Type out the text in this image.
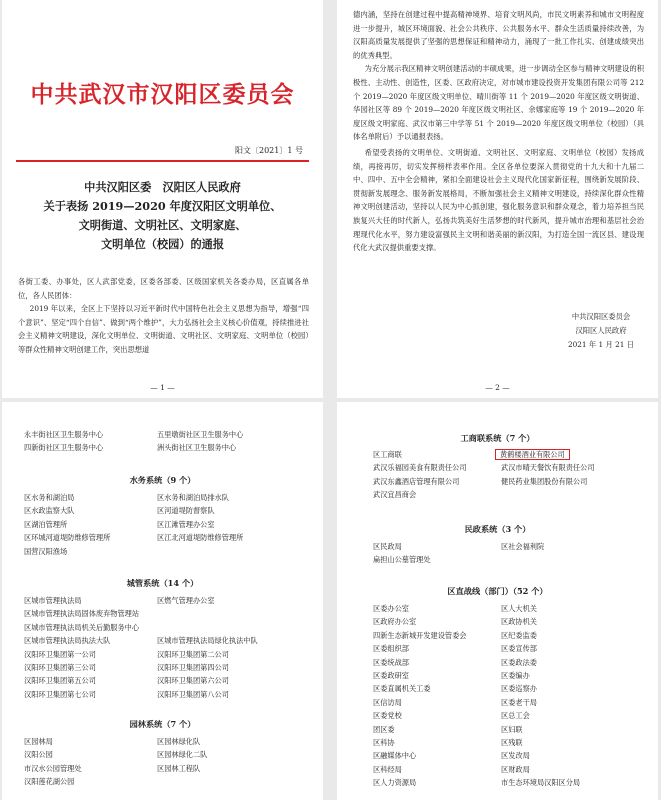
中共武汉市汉阳区委员会
阳文〔2021〕1 号
中共汉阳区委　汉阳区人民政府
关于表扬 2019—2020 年度汉阳区文明单位、
文明街道、文明社区、文明家庭、
文明单位（校园）的通报

各街工委、办事处，区人武部党委，区委各部委、区级国家机关各委办局，区直属各单位，各人民团体：

2019 年以来，全区上下坚持以习近平新时代中国特色社会主义思想为指导，增强“四个意识”、坚定“四个自信”、做到“两个维护”，大力弘扬社会主义核心价值观，持续推进社会主义精神文明建设，深化文明单位、文明街道、文明社区、文明家庭、文明单位（校园）等群众性精神文明创建工作，突出思想道

— 1 —

德内涵，坚持在创建过程中提高精神境界、培育文明风尚，市民文明素养和城市文明程度进一步提升，城区环境面貌、社会公共秩序、公共服务水平、群众生活质量持续改善，为汉阳高质量发展提供了坚强的思想保证和精神动力，涌现了一批工作扎实、创建成绩突出的优秀典型。

为充分展示我区精神文明创建活动的丰硕成果，进一步调动全区参与精神文明建设的积极性、主动性、创造性，区委、区政府决定，对市城市建设投资开发集团有限公司等 212 个 2019—2020 年度区级文明单位、晴川街等 11 个 2019—2020 年度区级文明街道、华园社区等 89 个 2019—2020 年度区级文明社区、余娜家庭等 19 个 2019—2020 年度区级文明家庭、武汉市第三中学等 51 个 2019—2020 年度区级文明单位（校园）（具体名单附后）予以通报表扬。

希望受表扬的文明单位、文明街道、文明社区、文明家庭、文明单位（校园）发扬成绩，再接再厉，切实发挥榜样表率作用。全区各单位要深入贯彻党的十九大和十九届二中、四中、五中全会精神，紧扣全面建设社会主义现代化国家新征程，围绕新发展阶段、贯彻新发展理念、服务新发展格局，不断加强社会主义精神文明建设，持续深化群众性精神文明创建活动，坚持以人民为中心抓创建，强化服务意识和群众观念，着力培养担当民族复兴大任的时代新人，弘扬共筑美好生活梦想的时代新风，提升城市治理和基层社会治理现代化水平，努力建设富强民主文明和谐美丽的新汉阳，为打造全国一流区县、建设现代化大武汉提供重要支撑。

中共汉阳区委员会
汉阳区人民政府
2021 年 1 月 21 日
— 2 —
永丰街社区卫生服务中心
四新街社区卫生服务中心
五里墩街社区卫生服务中心
洲头街社区卫生服务中心
水务系统（9 个）
区水务和湖泊局
区水政监察大队
区湖泊管理所
区环城河道堤防维修管理所
国营汉阳渔场
区水务和湖泊局排水队
区河道堤防督察队
区江滩管理办公室
区江北河道堤防维修管理所
城管系统（14 个）
区城市管理执法局
区城市管理执法局固体废弃物管理站
区城市管理执法局机关后勤服务中心
区城市管理执法局执法大队
汉阳环卫集团第一公司
汉阳环卫集团第三公司
汉阳环卫集团第五公司
汉阳环卫集团第七公司
区燃气管理办公室

区城市管理执法局绿化执法中队
汉阳环卫集团第二公司
汉阳环卫集团第四公司
汉阳环卫集团第六公司
汉阳环卫集团第八公司
园林系统（7 个）
区园林局
汉阳公园
市汉水公园管理处
汉阳莲花湖公园
区园林绿化队
区园林绿化二队
区园林工程队
工商联系统（7 个）
区工商联
武汉乐福园美食有限责任公司
武汉东鑫酒店管理有限公司
武汉宜昌商会
黄鹤楼酒业有限公司
武汉市晴天餐饮有限责任公司
健民药业集团股份有限公司
民政系统（3 个）
区民政局
扁担山公墓管理处
区社会福利院
区直战线（部门）（52 个）
区委办公室
区政府办公室
四新生态新城开发建设管委会
区委组织部
区委统战部
区委政研室
区委直属机关工委
区信访局
区委党校
团区委
区科协
区融媒体中心
区科经局
区人力资源局
区人大机关
区政协机关
区纪委监委
区委宣传部
区委政法委
区委编办
区委巡察办
区委老干局
区总工会
区妇联
区残联
区发改局
区财政局
市生态环境局汉阳区分局
